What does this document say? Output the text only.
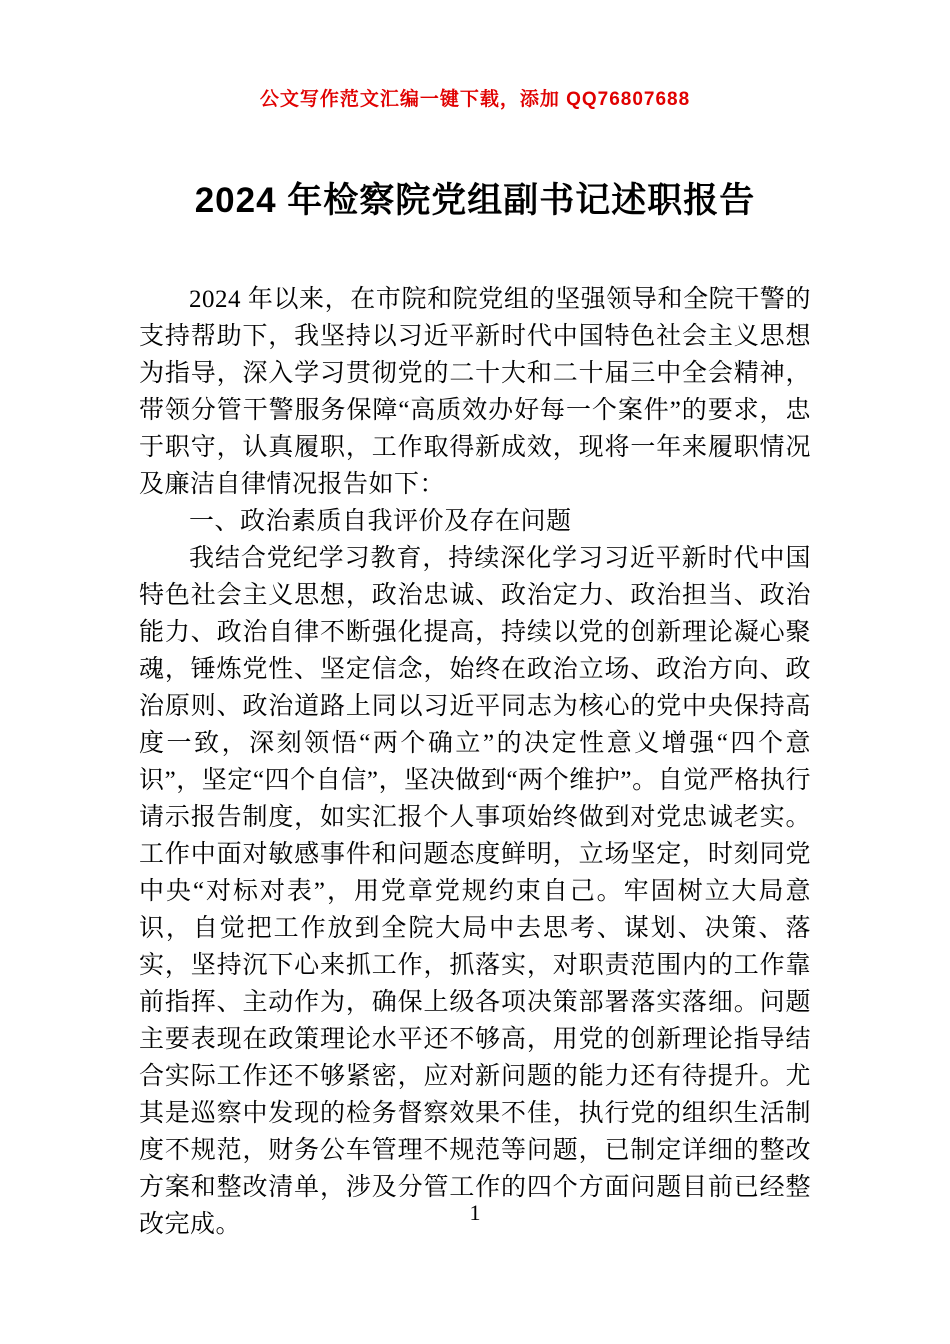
公文写作范文汇编一键下载，添加 QQ76807688
2024 年检察院党组副书记述职报告

2024 年以来，在市院和院党组的坚强领导和全院干警的支持帮助下，我坚持以习近平新时代中国特色社会主义思想为指导，深入学习贯彻党的二十大和二十届三中全会精神，带领分管干警服务保障“高质效办好每一个案件”的要求，忠于职守，认真履职，工作取得新成效，现将一年来履职情况及廉洁自律情况报告如下：

一、政治素质自我评价及存在问题

我结合党纪学习教育，持续深化学习习近平新时代中国特色社会主义思想，政治忠诚、政治定力、政治担当、政治能力、政治自律不断强化提高，持续以党的创新理论凝心聚魂，锤炼党性、坚定信念，始终在政治立场、政治方向、政治原则、政治道路上同以习近平同志为核心的党中央保持高度一致，深刻领悟“两个确立”的决定性意义增强“四个意识”，坚定“四个自信”，坚决做到“两个维护”。自觉严格执行请示报告制度，如实汇报个人事项始终做到对党忠诚老实。工作中面对敏感事件和问题态度鲜明，立场坚定，时刻同党中央“对标对表”，用党章党规约束自己。牢固树立大局意识，自觉把工作放到全院大局中去思考、谋划、决策、落实，坚持沉下心来抓工作，抓落实，对职责范围内的工作靠前指挥、主动作为，确保上级各项决策部署落实落细。问题主要表现在政策理论水平还不够高，用党的创新理论指导结合实际工作还不够紧密，应对新问题的能力还有待提升。尤其是巡察中发现的检务督察效果不佳，执行党的组织生活制度不规范，财务公车管理不规范等问题，已制定详细的整改方案和整改清单，涉及分管工作的四个方面问题目前已经整改完成。	1
